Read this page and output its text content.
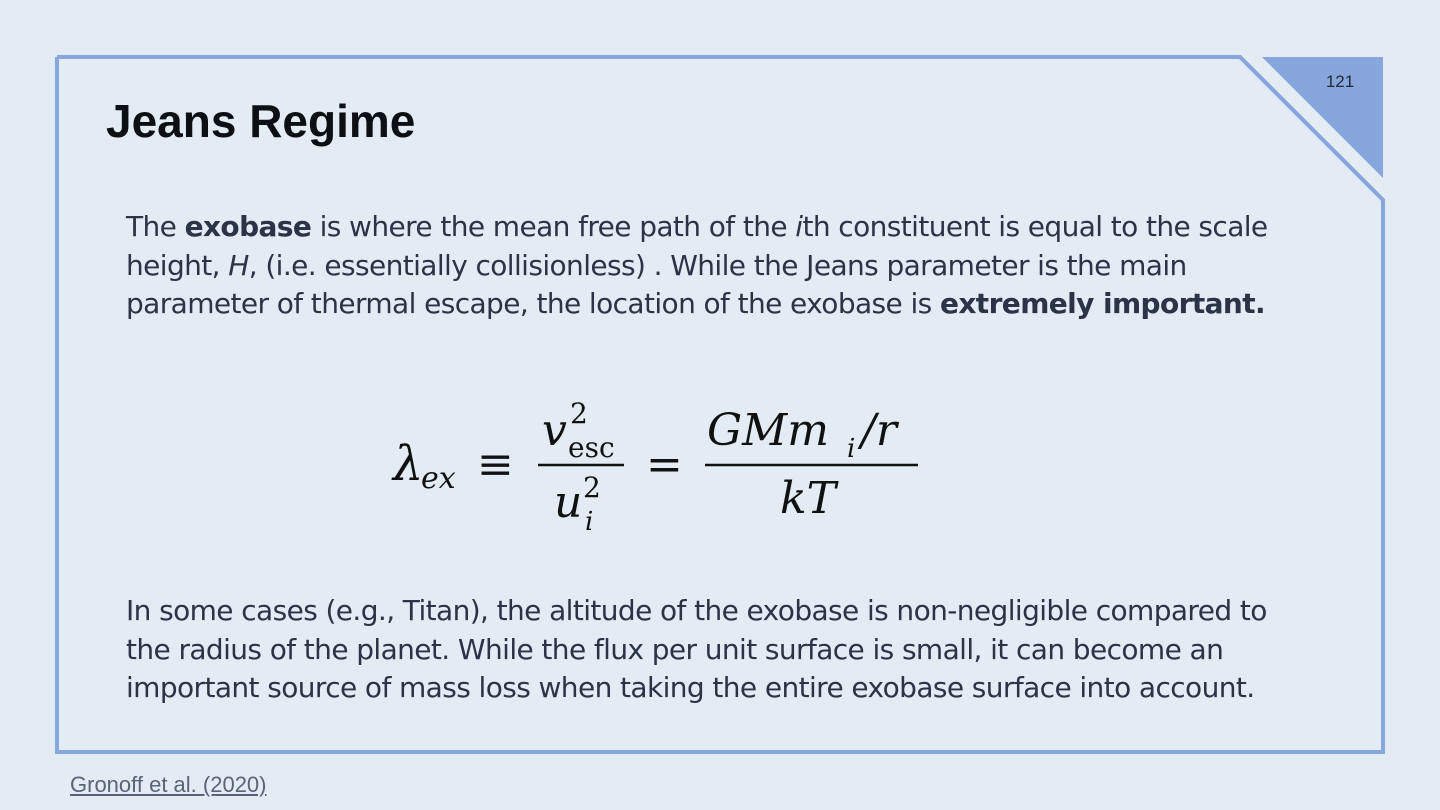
121
Jeans Regime

The exobase is where the mean free path of the ith constituent is equal to the scale height, H, (i.e. essentially collisionless) . While the Jeans parameter is the main parameter of thermal escape, the location of the exobase is extremely important.

λ
ex ≡
v 2
esc
u 2
i
=
GMm i /r
kT

In some cases (e.g., Titan), the altitude of the exobase is non-negligible compared to the radius of the planet. While the flux per unit surface is small, it can become an important source of mass loss when taking the entire exobase surface into account.

Gronoff et al. (2020)
